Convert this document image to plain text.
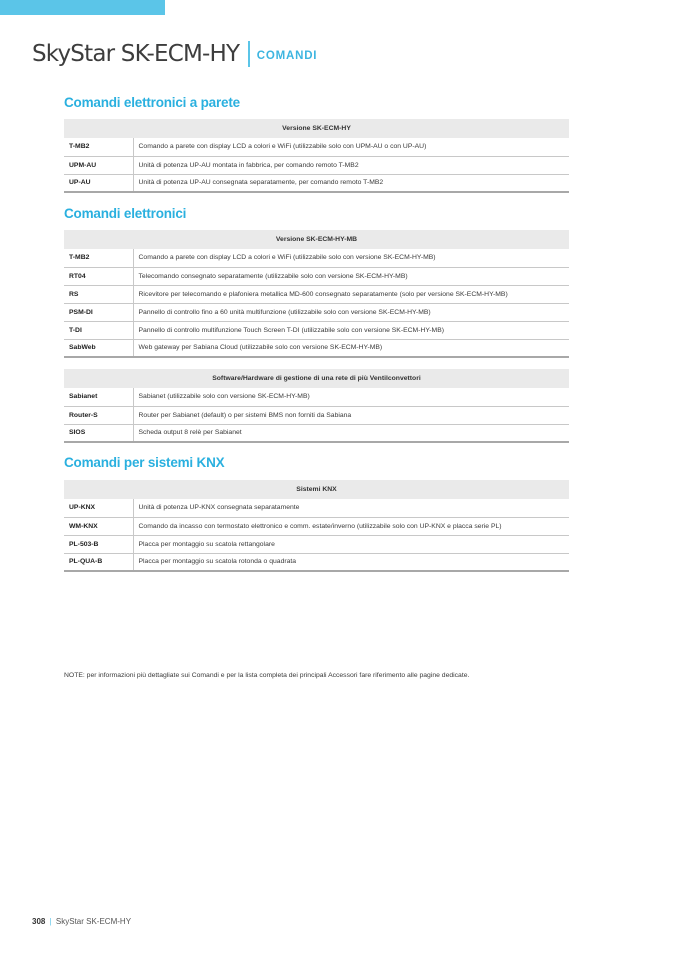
SkyStar SK-ECM-HY COMANDI
Comandi elettronici a parete
Versione SK-ECM-HY	
T-MB2	Comando a parete con display LCD a colori e WiFi (utilizzabile solo con UPM-AU o con UP-AU)
UPM-AU	Unità di potenza UP-AU montata in fabbrica, per comando remoto T-MB2
UP-AU	Unità di potenza UP-AU consegnata separatamente, per comando remoto T-MB2
Comandi elettronici
Versione SK-ECM-HY-MB	
T-MB2	Comando a parete con display LCD a colori e WiFi (utilizzabile solo con versione SK-ECM-HY-MB)
RT04	Telecomando consegnato separatamente (utilizzabile solo con versione SK-ECM-HY-MB)
RS	Ricevitore per telecomando e plafoniera metallica MD-600 consegnato separatamente (solo per versione SK-ECM-HY-MB)
PSM-DI	Pannello di controllo fino a 60 unità multifunzione (utilizzabile solo con versione SK-ECM-HY-MB)
T-DI	Pannello di controllo multifunzione Touch Screen T-DI (utilizzabile solo con versione SK-ECM-HY-MB)
SabWeb	Web gateway per Sabiana Cloud (utilizzabile solo con versione SK-ECM-HY-MB)
Software/Hardware di gestione di una rete di più Ventilconvettori	
Sabianet	Sabianet (utilizzabile solo con versione SK-ECM-HY-MB)
Router-S	Router per Sabianet (default) o per sistemi BMS non forniti da Sabiana
SIOS	Scheda output 8 relè per Sabianet
Comandi per sistemi KNX
Sistemi KNX	
UP-KNX	Unità di potenza UP-KNX consegnata separatamente
WM-KNX	Comando da incasso con termostato elettronico e comm. estate/inverno (utilizzabile solo con UP-KNX e placca serie PL)
PL-503-B	Placca per montaggio su scatola rettangolare
PL-QUA-B	Placca per montaggio su scatola rotonda o quadrata
NOTE: per informazioni più dettagliate sui Comandi e per la lista completa dei principali Accessori fare riferimento alle pagine dedicate.
308 | SkyStar SK-ECM-HY
